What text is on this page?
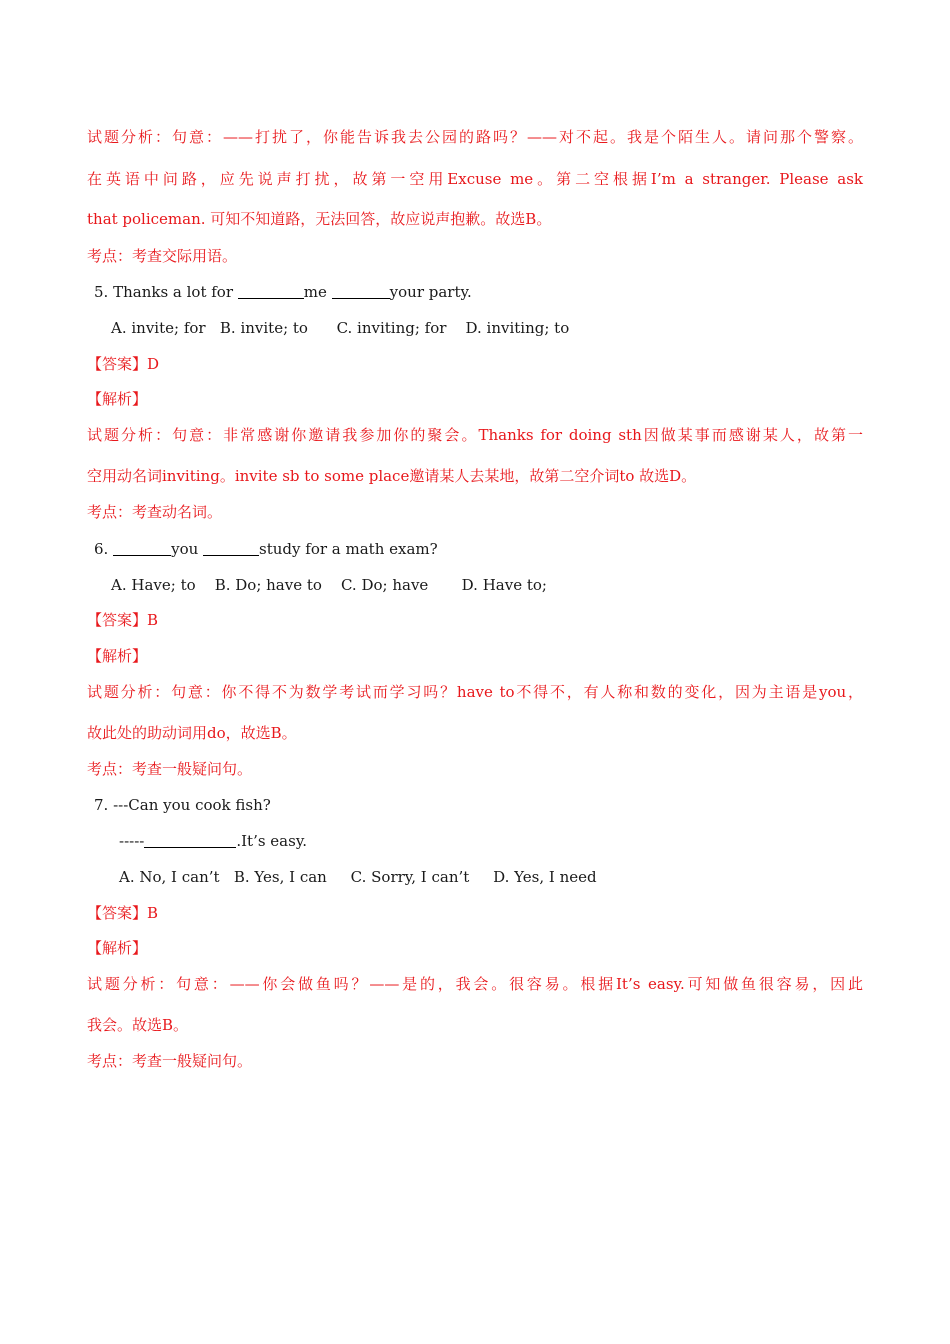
试题分析：句意：——打扰了，你能告诉我去公园的路吗？——对不起。我是个陌生人。请问那个警察。
在英语中问路，应先说声打扰，故第一空用Excuse me。第二空根据I’m a stranger. Please ask
that policeman. 可知不知道路，无法回答，故应说声抱歉。故选B。
考点：考查交际用语。
5. Thanks a lot for	me	your party.
A. invite; for   B. invite; to      C. inviting; for    D. inviting; to
【答案】D
【解析】
试题分析：句意：非常感谢你邀请我参加你的聚会。Thanks for doing sth因做某事而感谢某人，故第一
空用动名词inviting。invite sb to some place邀请某人去某地，故第二空介词to 故选D。
考点：考查动名词。
6.	you	study for a math exam?
A. Have; to    B. Do; have to    C. Do; have       D. Have to;
【答案】B
【解析】
试题分析：句意：你不得不为数学考试而学习吗？have to不得不，有人称和数的变化，因为主语是you，
故此处的助动词用do，故选B。
考点：考查一般疑问句。
7. ---Can you cook fish?
-----	.It’s easy.
A. No, I can’t   B. Yes, I can     C. Sorry, I can’t     D. Yes, I need
【答案】B
【解析】
试题分析：句意：——你会做鱼吗？——是的，我会。很容易。根据It’s easy.可知做鱼很容易，因此
我会。故选B。
考点：考查一般疑问句。
